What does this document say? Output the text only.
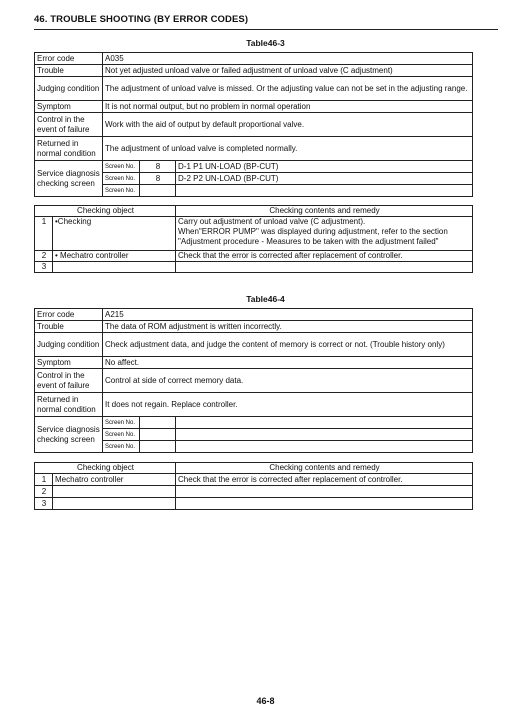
46. TROUBLE SHOOTING (BY ERROR CODES)
Table46-3
Error code	A035		
Trouble	Not yet adjusted unload valve or failed adjustment of unload valve (C adjustment)		
Judging condition	The adjustment of unload valve is missed. Or the adjusting value can not be set in the adjusting range.		
Symptom	It is not normal output, but no problem in normal operation		
Control in the event of failure	Work with the aid of output by default proportional valve.		
Returned in normal condition	The adjustment of unload valve is completed normally.		
Service diagnosis checking screen	Screen No.	8	D-1 P1 UN-LOAD (BP-CUT)
	Screen No.	8	D-2 P2 UN-LOAD (BP-CUT)
	Screen No.		
Checking object		Checking contents and remedy
1	•Checking	Carry out adjustment of unload valve (C adjustment).
When"ERROR PUMP" was displayed during adjustment, refer to the section
"Adjustment procedure - Measures to be taken with the adjustment failed"

2	• Mechatro controller	Check that the error is corrected after replacement of controller.
3		
Table46-4
Error code	A215		
Trouble	The data of ROM adjustment is written incorrectly.		
Judging condition	Check adjustment data, and judge the content of memory is correct or not. (Trouble history only)		
Symptom	No affect.		
Control in the event of failure	Control at side of correct memory data.		
Returned in normal condition	It does not regain. Replace controller.		
Service diagnosis checking screen	Screen No.		
	Screen No.		
	Screen No.		
Checking object		Checking contents and remedy
1	Mechatro controller	Check that the error is corrected after replacement of controller.
2		
3		
46-8
